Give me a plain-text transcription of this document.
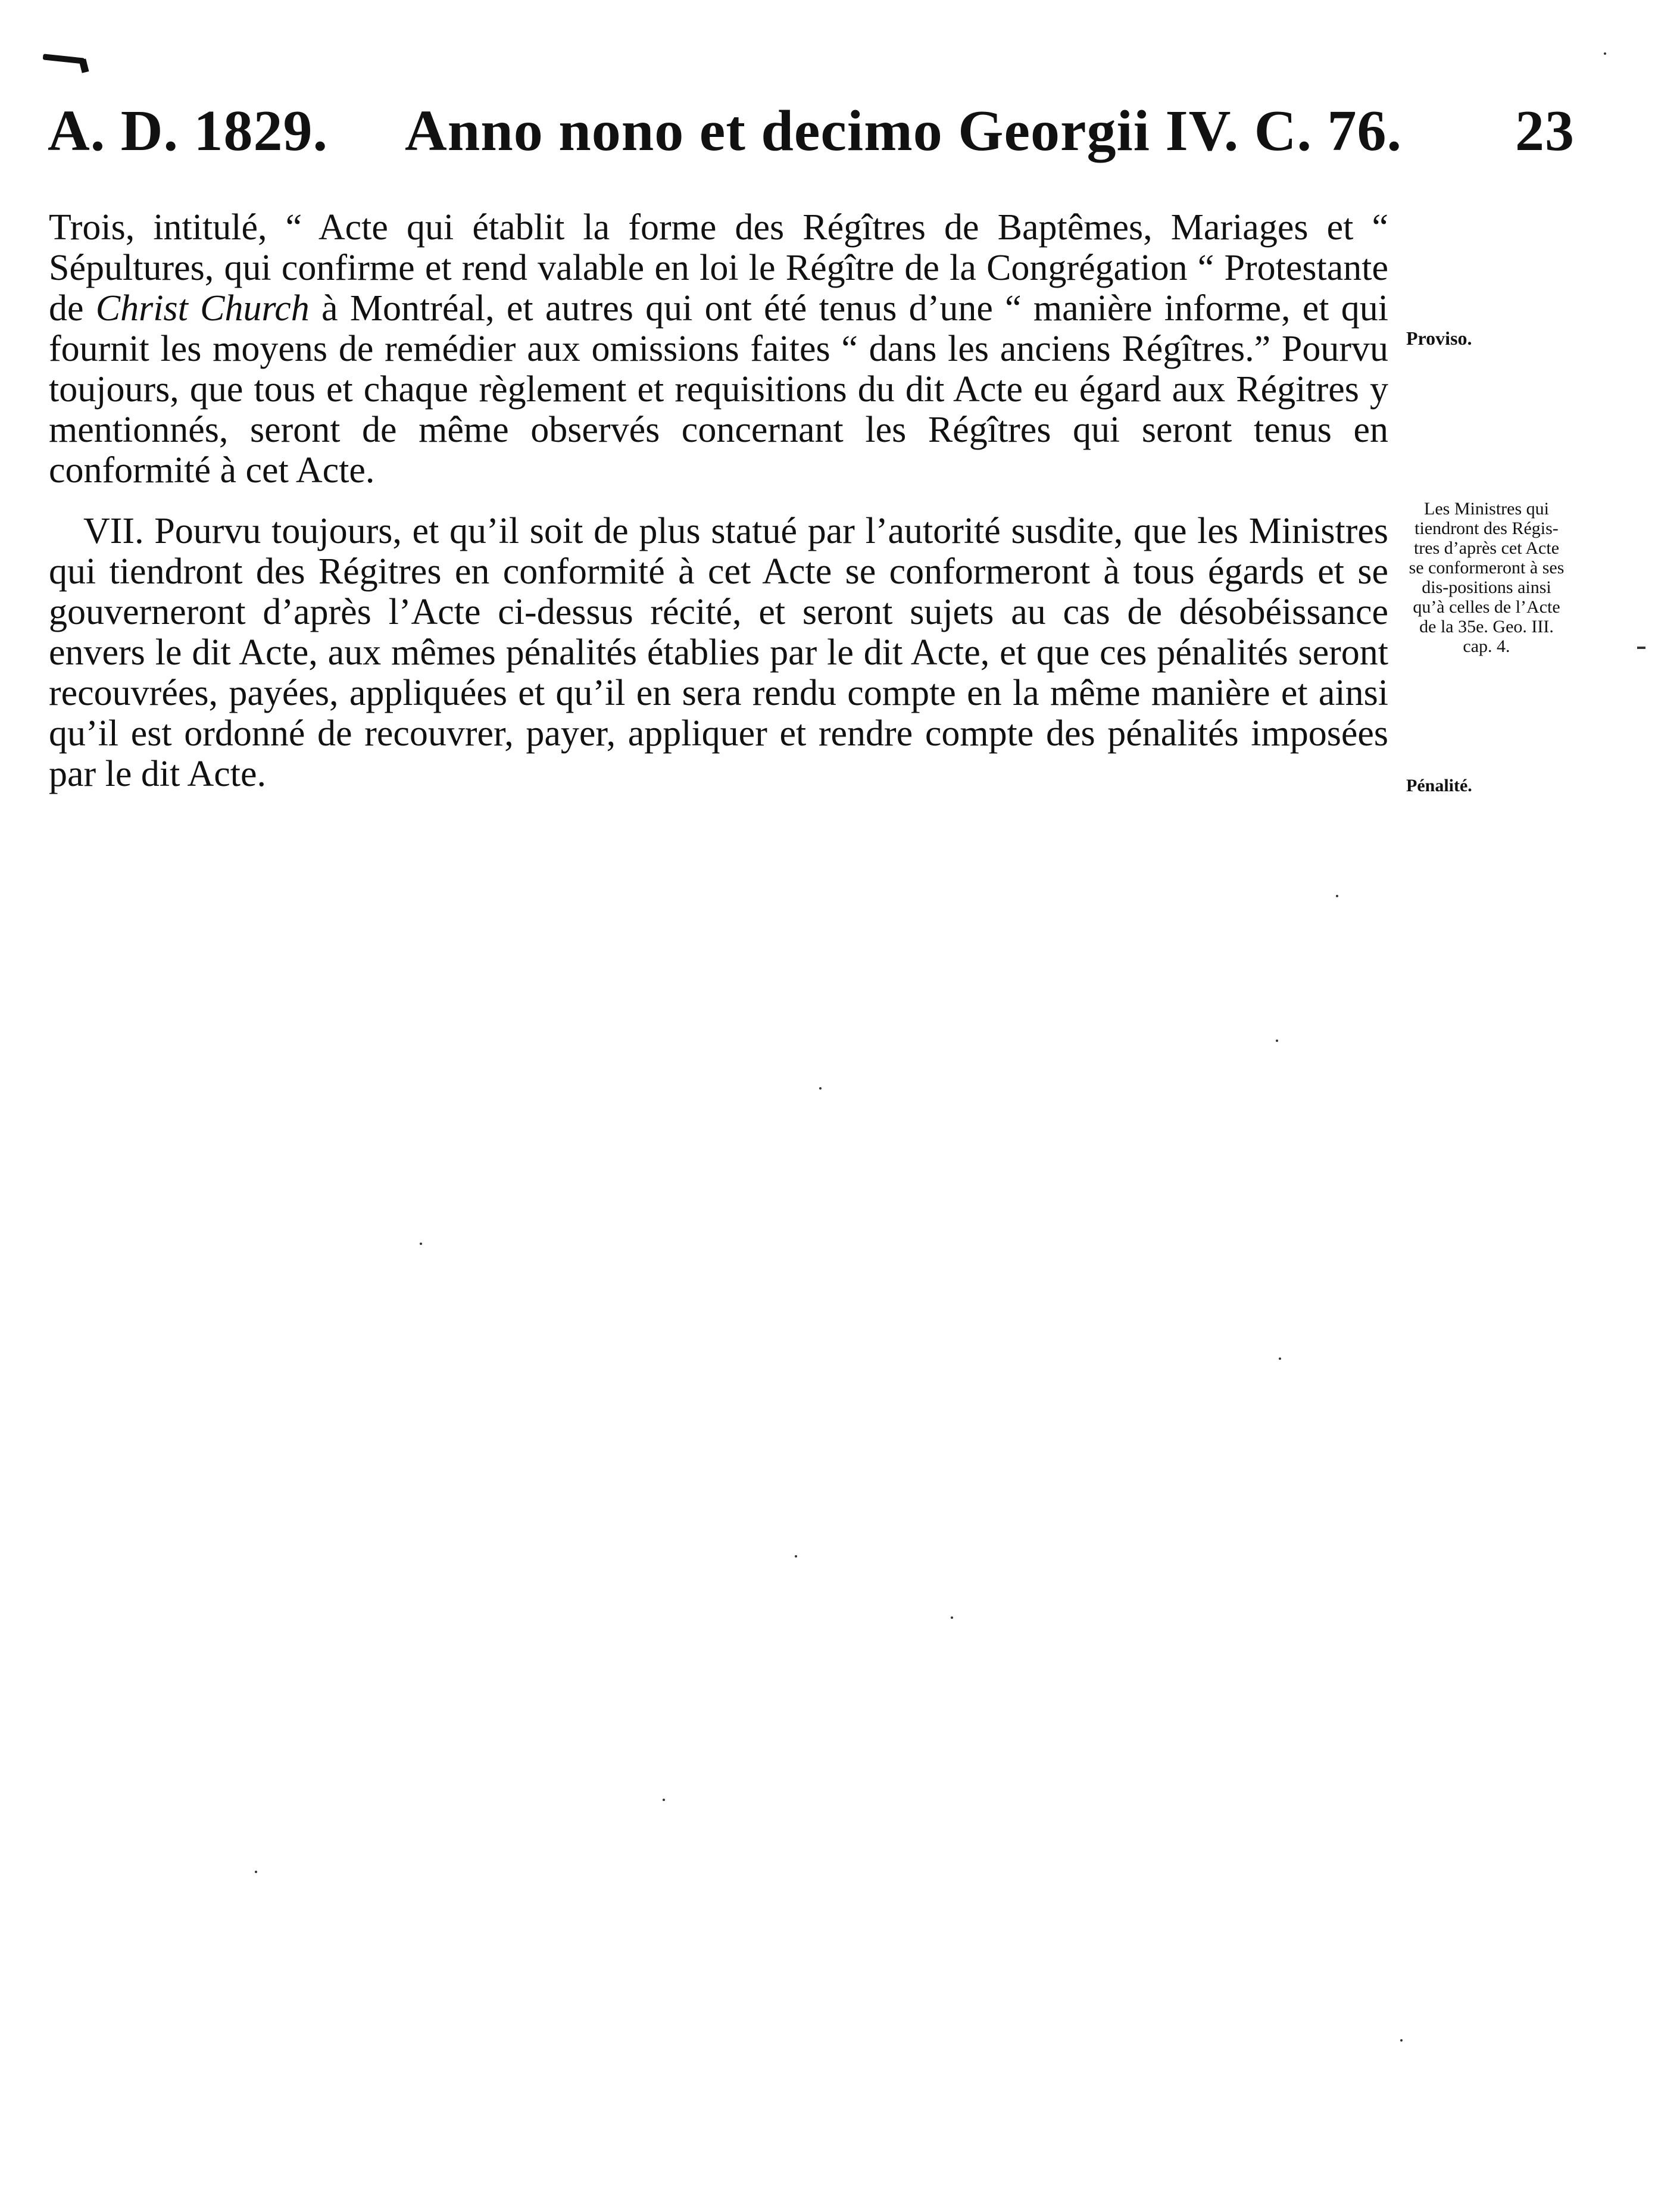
A. D. 1829. Anno nono et decimo Georgii IV. C. 76. 23

Trois, intitulé, “ Acte qui établit la forme des Régîtres de Baptêmes, Mariages et “ Sépultures, qui confirme et rend valable en loi le Régître de la Congrégation “ Protestante de Christ Church à Montréal, et autres qui ont été tenus d’une “ manière informe, et qui fournit les moyens de remédier aux omissions faites “ dans les anciens Régîtres.” Pourvu toujours, que tous et chaque règlement et requisitions du dit Acte eu égard aux Régitres y mentionnés, seront de même observés concernant les Régîtres qui seront tenus en conformité à cet Acte.

Proviso.

VII. Pourvu toujours, et qu’il soit de plus statué par l’autorité susdite, que les Ministres qui tiendront des Régitres en conformité à cet Acte se conformeront à tous égards et se gouverneront d’après l’Acte ci-dessus récité, et seront sujets au cas de désobéissance envers le dit Acte, aux mêmes pénalités établies par le dit Acte, et que ces pénalités seront recouvrées, payées, appliquées et qu’il en sera rendu compte en la même manière et ainsi qu’il est ordonné de recouvrer, payer, appliquer et rendre compte des pénalités imposées par le dit Acte.

Les Ministres qui tiendront des Régis-tres d’après cet Acte se conformeront à ses dis-positions ainsi qu’à celles de l’Acte de la 35e. Geo. III. cap. 4.
Pénalité.
